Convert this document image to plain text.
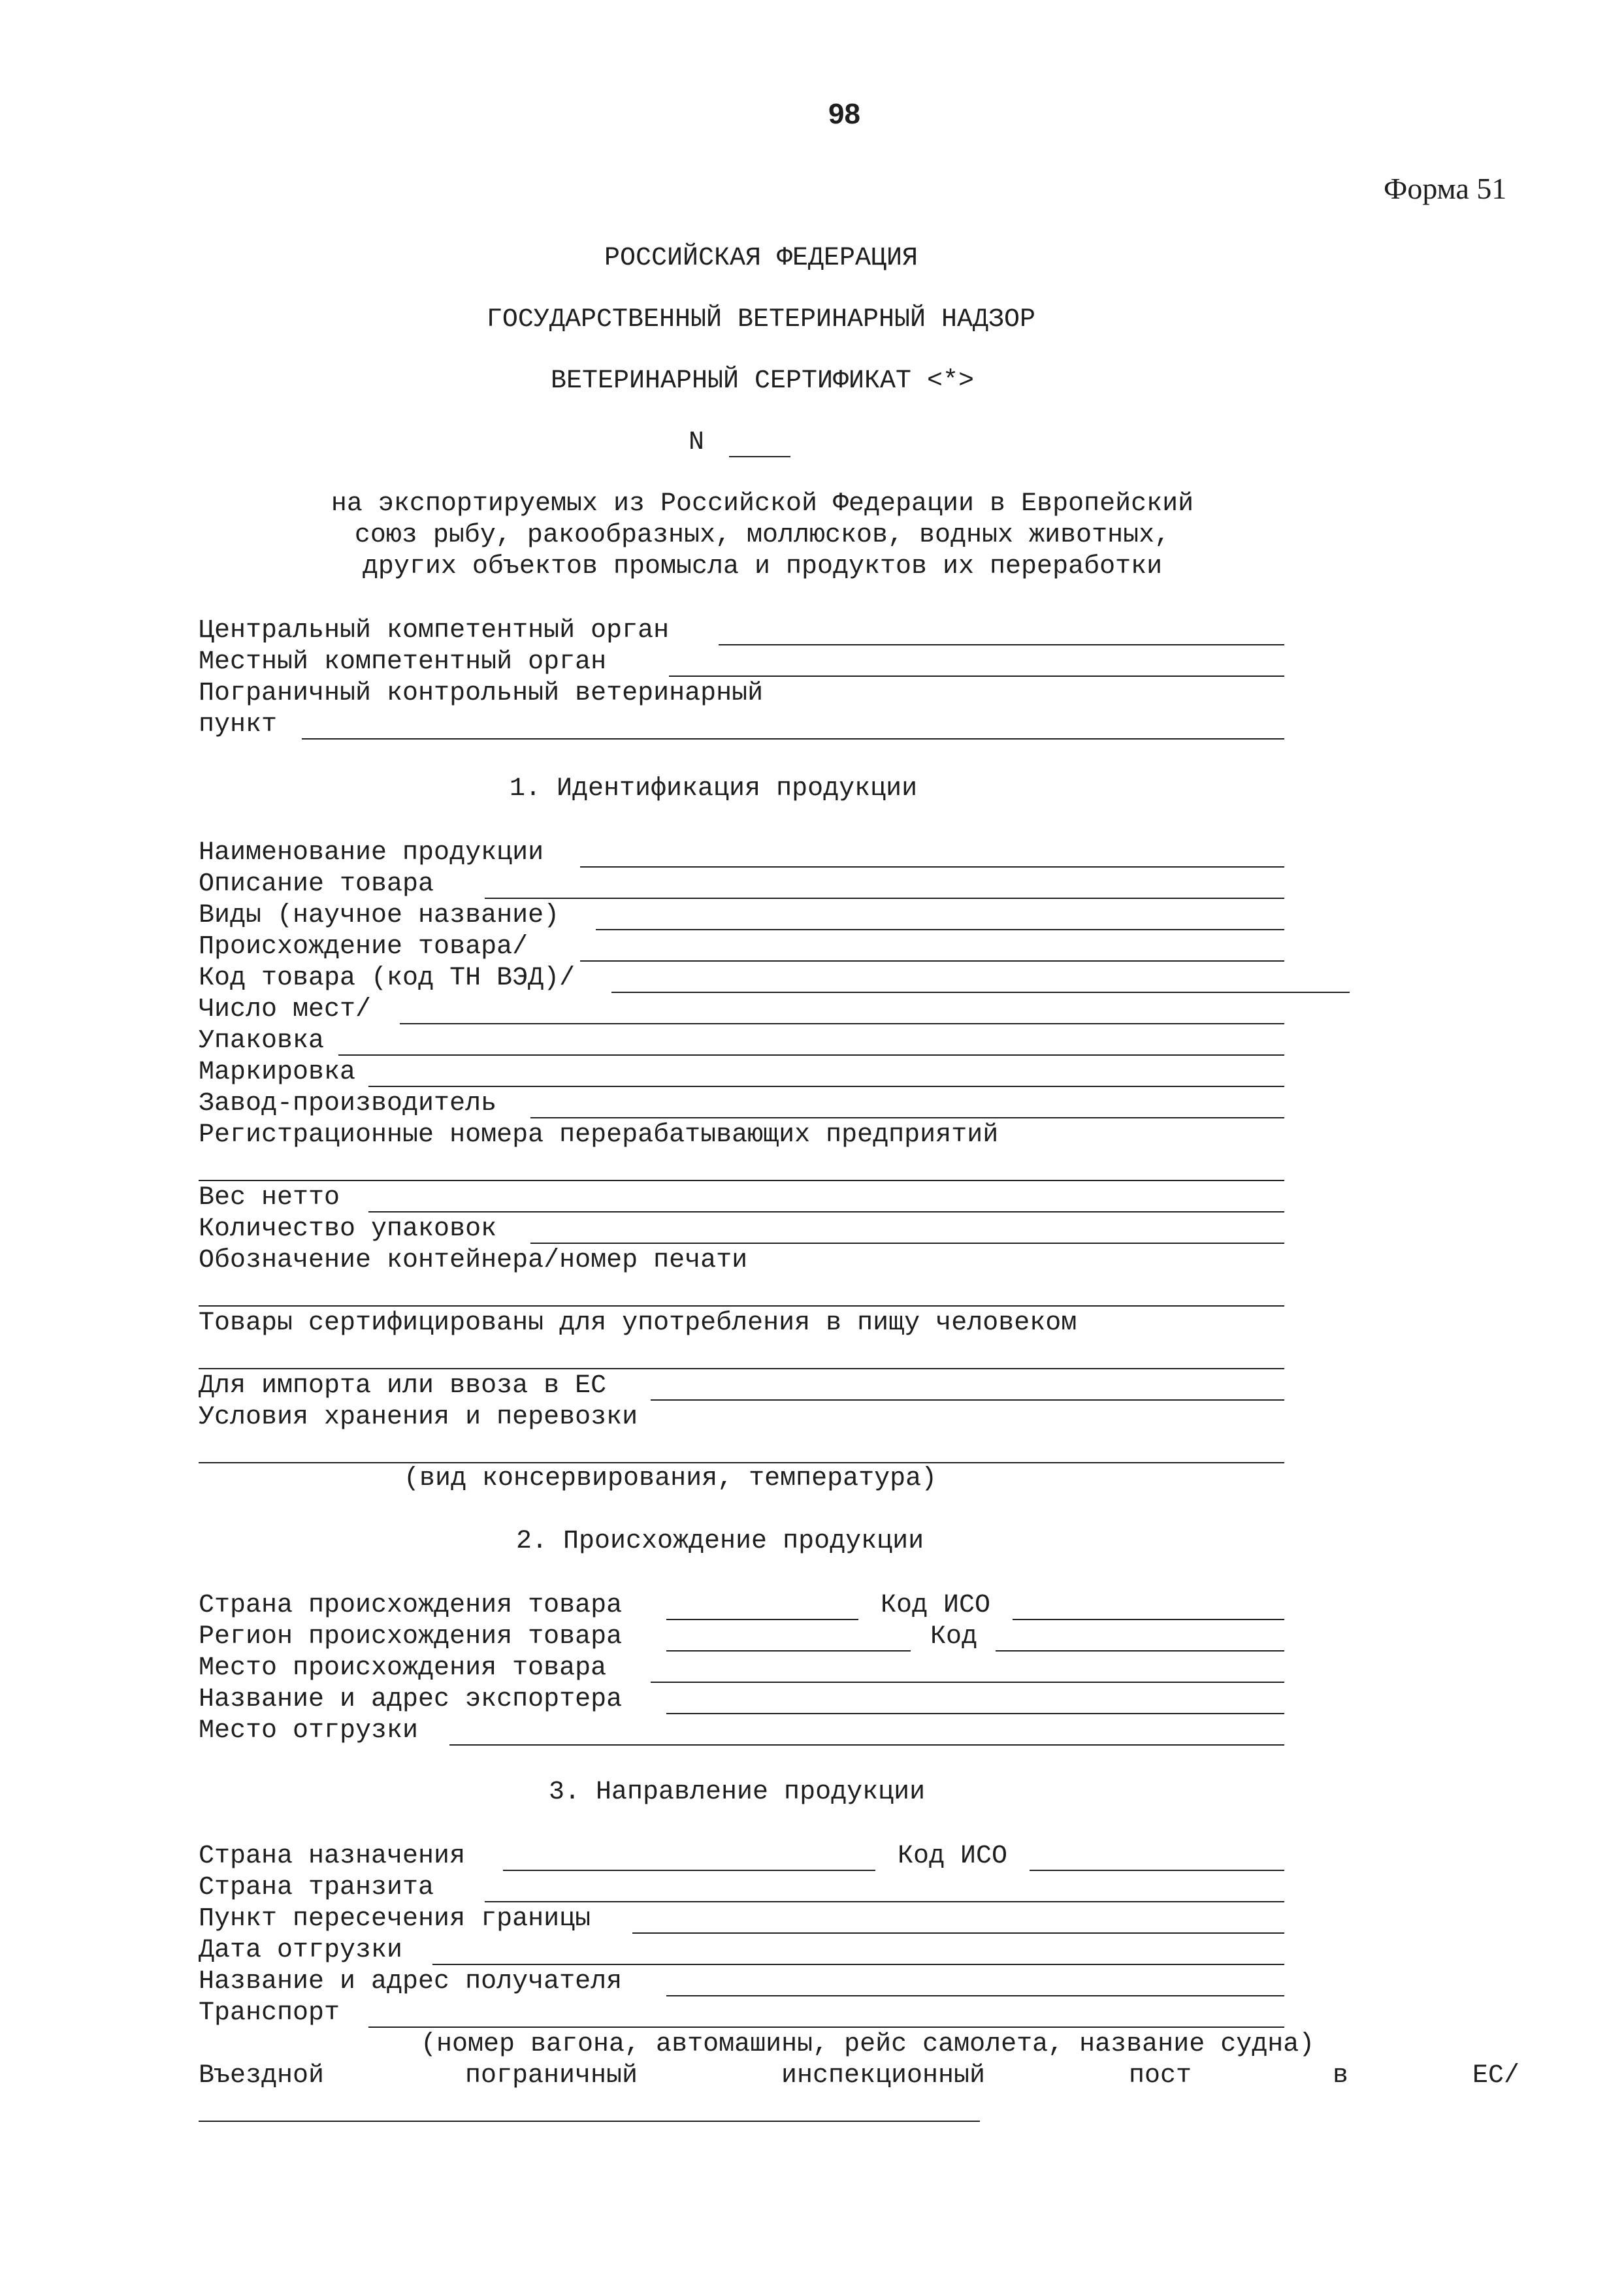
98
Форма 51
РОССИЙСКАЯ ФЕДЕРАЦИЯ
ГОСУДАРСТВЕННЫЙ ВЕТЕРИНАРНЫЙ НАДЗОР
ВЕТЕРИНАРНЫЙ СЕРТИФИКАТ <*>
N
на экспортируемых из Российской Федерации в Европейский
союз рыбу, ракообразных, моллюсков, водных животных,
других объектов промысла и продуктов их переработки
Центральный компетентный орган
Местный компетентный орган
Пограничный контрольный ветеринарный
пункт
1. Идентификация продукции
Наименование продукции
Описание товара
Виды (научное название)
Происхождение товара/
Код товара (код ТН ВЭД)/
Число мест/
Упаковка
Маркировка
Завод-производитель
Регистрационные номера перерабатывающих предприятий
Вес нетто
Количество упаковок
Обозначение контейнера/номер печати
Товары сертифицированы для употребления в пищу человеком
Для импорта или ввоза в ЕС
Условия хранения и перевозки
(вид консервирования, температура)
2. Происхождение продукции
Страна происхождения товара	Код ИСО
Регион происхождения товара	Код
Место происхождения товара
Название и адрес экспортера
Место отгрузки
3. Направление продукции
Страна назначения	Код ИСО
Страна транзита
Пункт пересечения границы
Дата отгрузки
Название и адрес получателя
Транспорт
(номер вагона, автомашины, рейс самолета, название судна)
Въездной	пограничный	инспекционный	пост	в	ЕС/
